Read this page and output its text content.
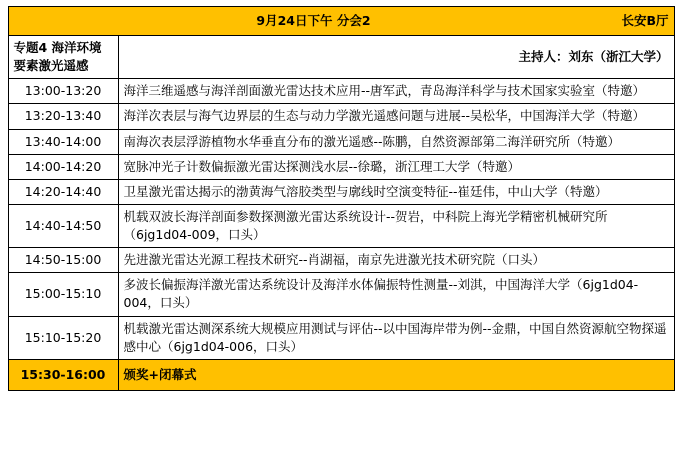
9月24日下午 分会2 长安B厅	

专题4 海洋环境要素激光遥感	主持人：刘东（浙江大学）
13:00-13:20	海洋三维遥感与海洋剖面激光雷达技术应用--唐军武，青岛海洋科学与技术国家实验室（特邀）
13:20-13:40	海洋次表层与海气边界层的生态与动力学激光遥感问题与进展--吴松华，中国海洋大学（特邀）
13:40-14:00	南海次表层浮游植物水华垂直分布的激光遥感--陈鹏，自然资源部第二海洋研究所（特邀）
14:00-14:20	宽脉冲光子计数偏振激光雷达探测浅水层--徐璐，浙江理工大学（特邀）
14:20-14:40	卫星激光雷达揭示的渤黄海气溶胶类型与廓线时空演变特征--崔廷伟，中山大学（特邀）
14:40-14:50	机载双波长海洋剖面参数探测激光雷达系统设计--贺岩，中科院上海光学精密机械研究所（6jg1d04-009，口头）
14:50-15:00	先进激光雷达光源工程技术研究--肖湖福，南京先进激光技术研究院（口头）
15:00-15:10	多波长偏振海洋激光雷达系统设计及海洋水体偏振特性测量--刘淇，中国海洋大学（6jg1d04-004，口头）
15:10-15:20	机载激光雷达测深系统大规模应用测试与评估--以中国海岸带为例--金鼎，中国自然资源航空物探遥感中心（6jg1d04-006，口头）
15:30-16:00	颁奖+闭幕式
